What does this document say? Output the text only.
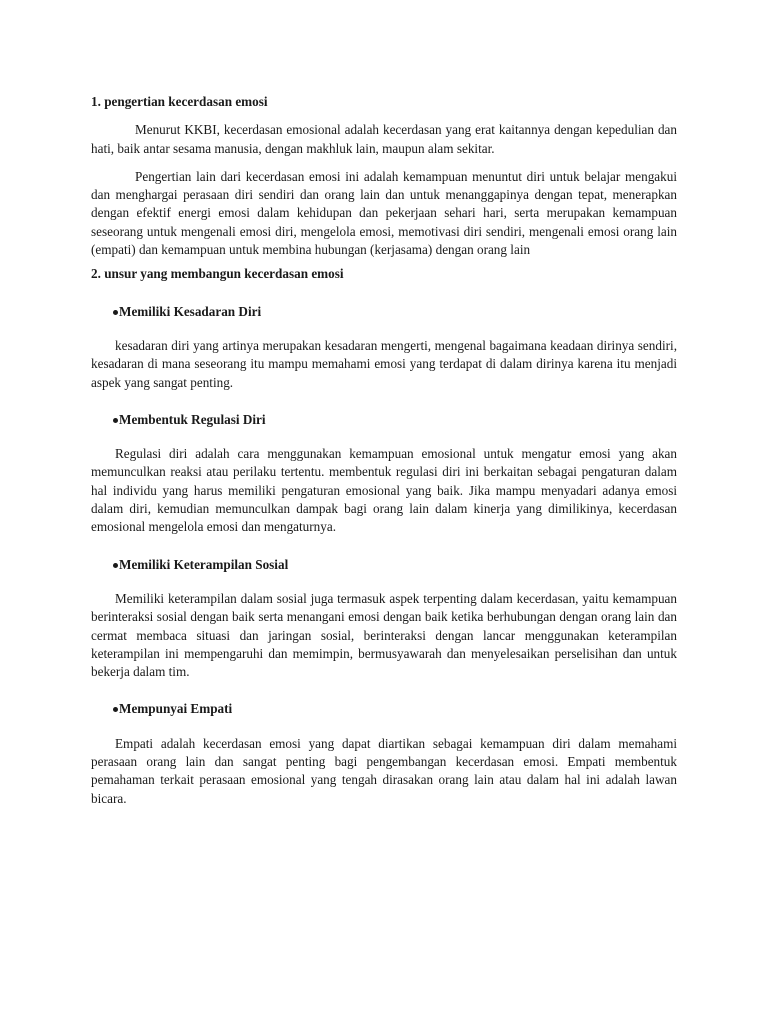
1. pengertian kecerdasan emosi

Menurut KKBI, kecerdasan emosional adalah kecerdasan yang erat kaitannya dengan kepedulian dan hati, baik antar sesama manusia, dengan makhluk lain, maupun alam sekitar.

Pengertian lain dari kecerdasan emosi ini adalah kemampuan menuntut diri untuk belajar mengakui dan menghargai perasaan diri sendiri dan orang lain dan untuk menanggapinya dengan tepat, menerapkan dengan efektif energi emosi dalam kehidupan dan pekerjaan sehari hari, serta merupakan kemampuan seseorang untuk mengenali emosi diri, mengelola emosi, memotivasi diri sendiri, mengenali emosi orang lain (empati) dan kemampuan untuk membina hubungan (kerjasama) dengan orang lain

2. unsur yang membangun kecerdasan emosi
Memiliki Kesadaran Diri

kesadaran diri yang artinya merupakan kesadaran mengerti, mengenal bagaimana keadaan dirinya sendiri, kesadaran di mana seseorang itu mampu memahami emosi yang terdapat di dalam dirinya karena itu menjadi aspek yang sangat penting.

Membentuk Regulasi Diri

Regulasi diri adalah cara menggunakan kemampuan emosional untuk mengatur emosi yang akan memunculkan reaksi atau perilaku tertentu. membentuk regulasi diri ini berkaitan sebagai pengaturan dalam hal individu yang harus memiliki pengaturan emosional yang baik. Jika mampu menyadari adanya emosi dalam diri, kemudian memunculkan dampak bagi orang lain dalam kinerja yang dimilikinya, kecerdasan emosional mengelola emosi dan mengaturnya.

Memiliki Keterampilan Sosial

Memiliki keterampilan dalam sosial juga termasuk aspek terpenting dalam kecerdasan, yaitu kemampuan berinteraksi sosial dengan baik serta menangani emosi dengan baik ketika berhubungan dengan orang lain dan cermat membaca situasi dan jaringan sosial, berinteraksi dengan lancar menggunakan keterampilan keterampilan ini mempengaruhi dan memimpin, bermusyawarah dan menyelesaikan perselisihan dan untuk bekerja dalam tim.

Mempunyai Empati

Empati adalah kecerdasan emosi yang dapat diartikan sebagai kemampuan diri dalam memahami perasaan orang lain dan sangat penting bagi pengembangan kecerdasan emosi. Empati membentuk pemahaman terkait perasaan emosional yang tengah dirasakan orang lain atau dalam hal ini adalah lawan bicara.
